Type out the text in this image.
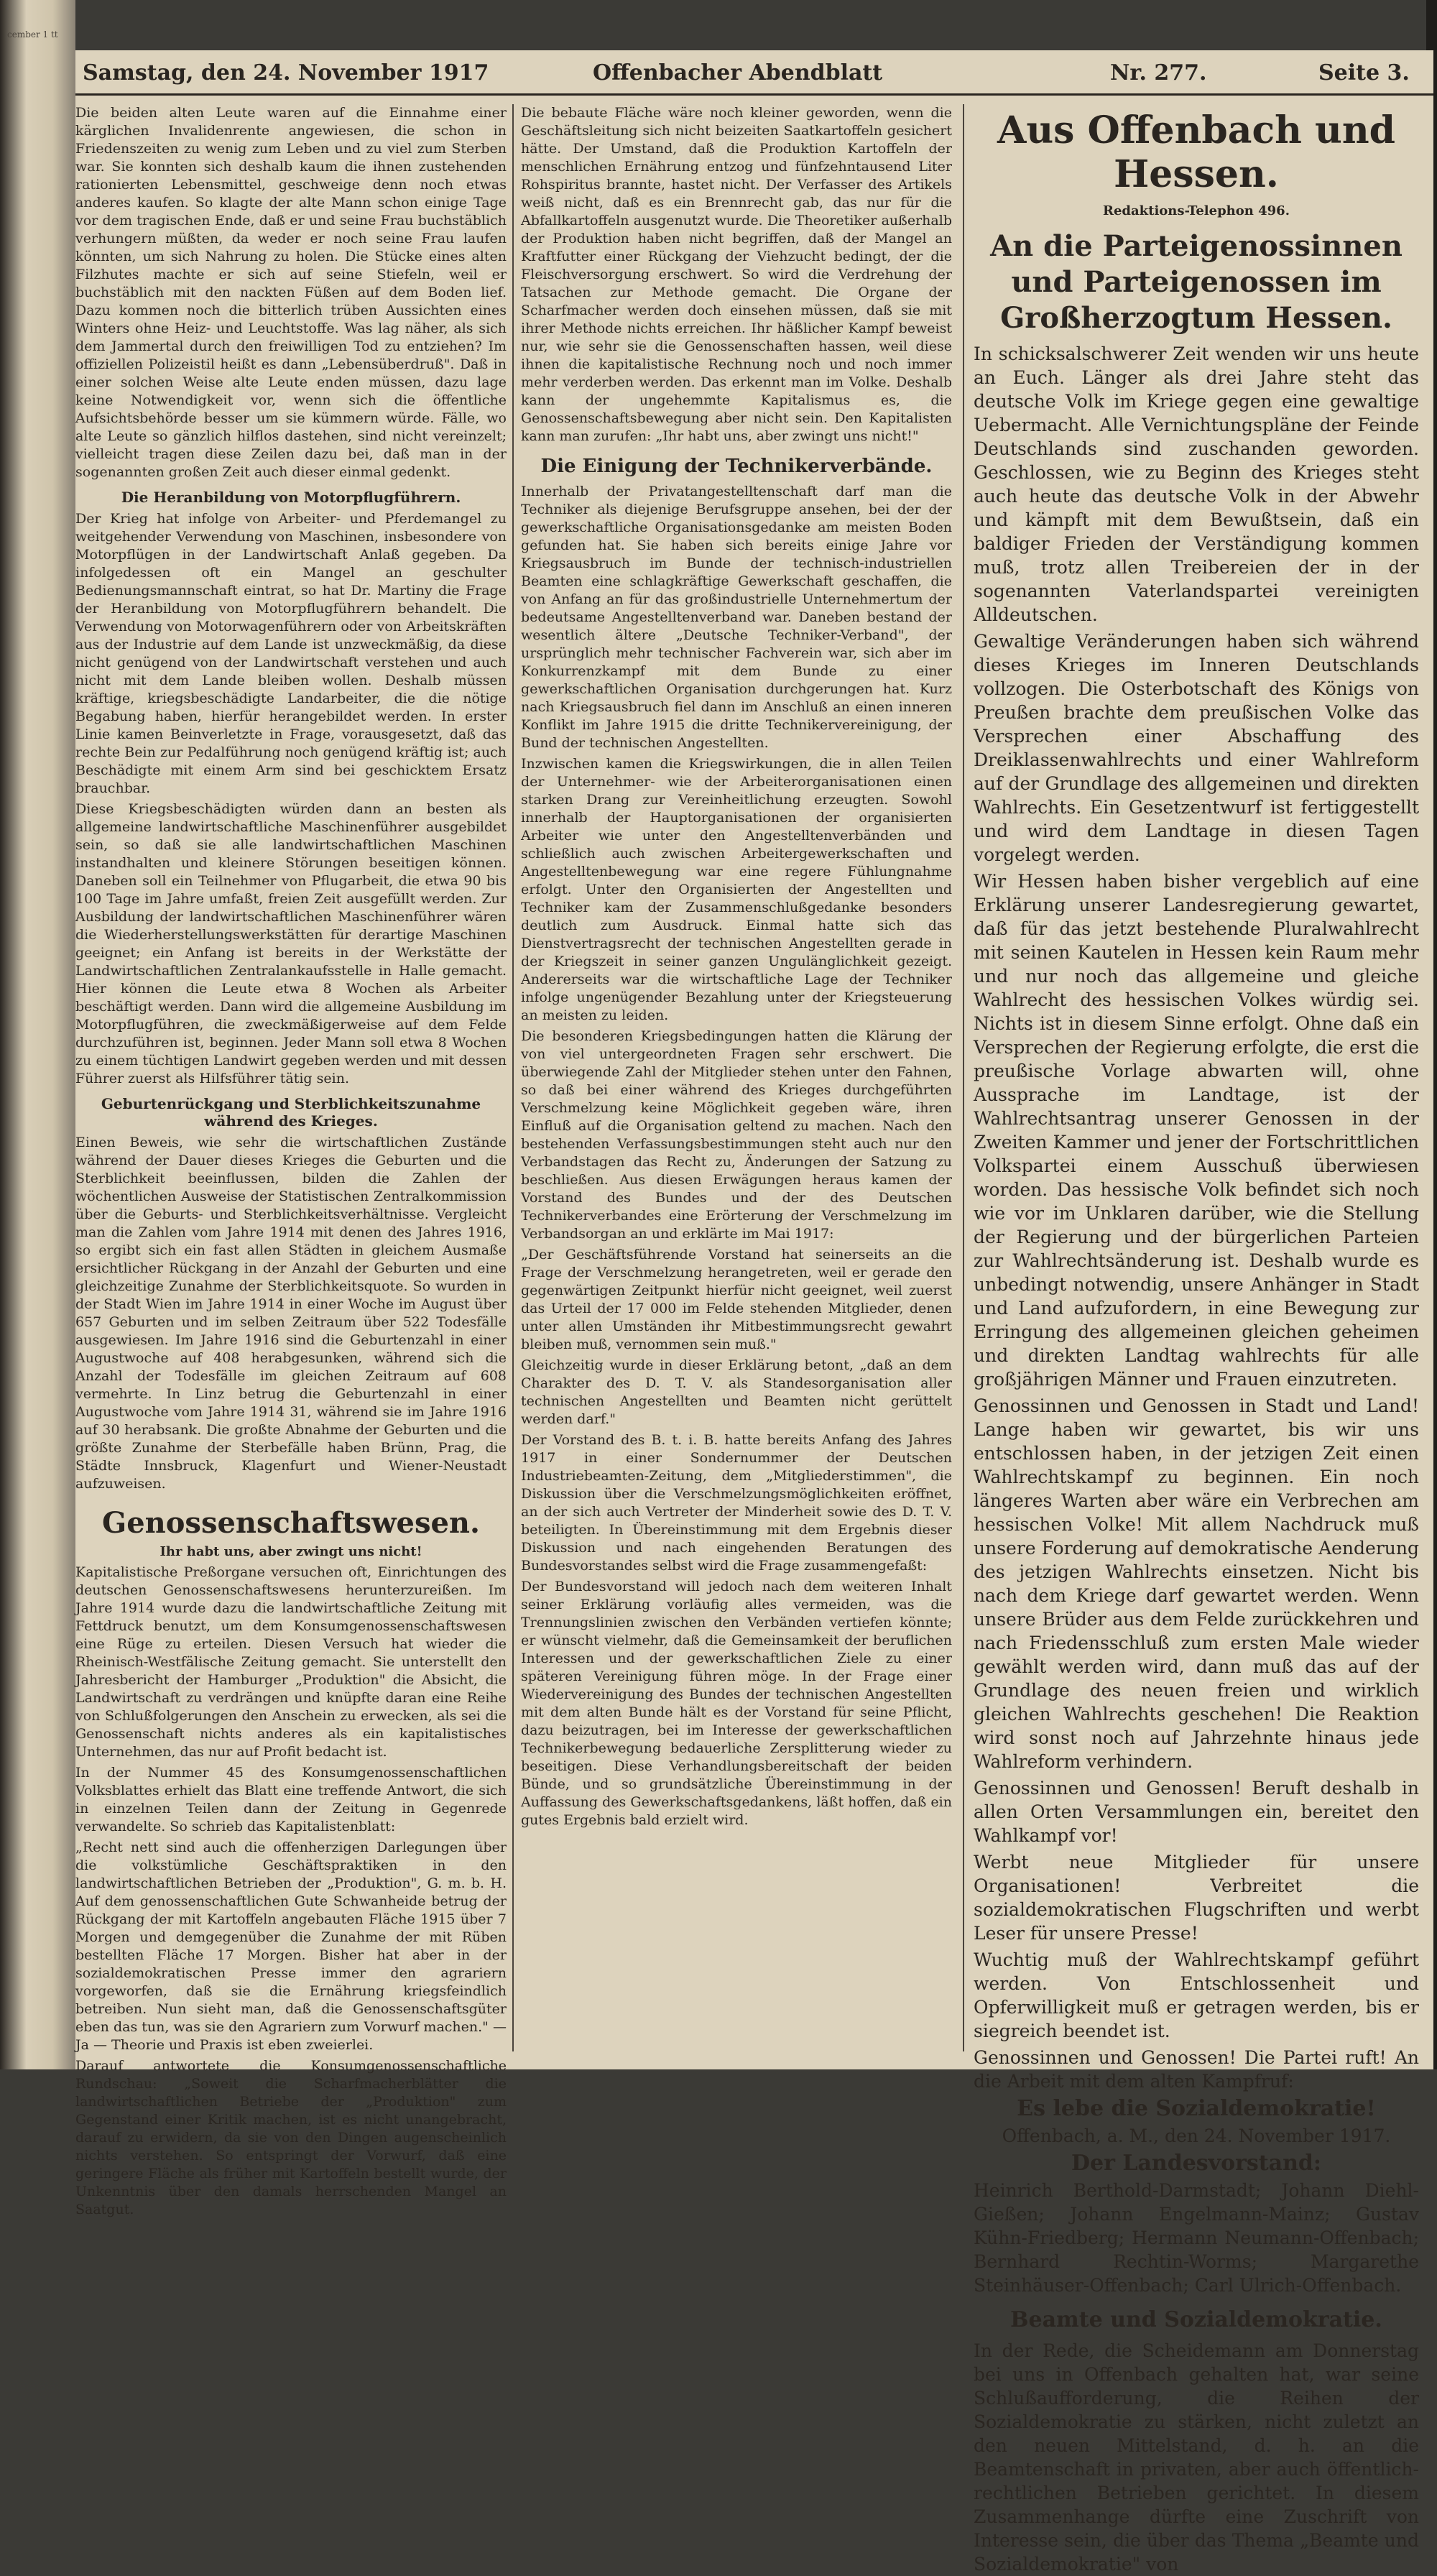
cember 1 tt
Samstag, den 24. November 1917	Offenbacher Abendblatt	Nr. 277.	Seite 3.

Die beiden alten Leute waren auf die Einnahme einer kärglichen Invalidenrente angewiesen, die schon in Friedenszeiten zu wenig zum Leben und zu viel zum Sterben war. Sie konnten sich deshalb kaum die ihnen zustehenden rationierten Lebensmittel, geschweige denn noch etwas anderes kaufen. So klagte der alte Mann schon einige Tage vor dem tragischen Ende, daß er und seine Frau buchstäblich verhungern müßten, da weder er noch seine Frau laufen könnten, um sich Nahrung zu holen. Die Stücke eines alten Filzhutes machte er sich auf seine Stiefeln, weil er buchstäblich mit den nackten Füßen auf dem Boden lief. Dazu kommen noch die bitterlich trüben Aussichten eines Winters ohne Heiz- und Leuchtstoffe. Was lag näher, als sich dem Jammertal durch den freiwilligen Tod zu entziehen? Im offiziellen Polizeistil heißt es dann „Lebensüberdruß". Daß in einer solchen Weise alte Leute enden müssen, dazu lage keine Notwendigkeit vor, wenn sich die öffentliche Aufsichtsbehörde besser um sie kümmern würde. Fälle, wo alte Leute so gänzlich hilflos dastehen, sind nicht vereinzelt; vielleicht tragen diese Zeilen dazu bei, daß man in der sogenannten großen Zeit auch dieser einmal gedenkt.

Die Heranbildung von Motorpflugführern.

Der Krieg hat infolge von Arbeiter- und Pferdemangel zu weitgehender Verwendung von Maschinen, insbesondere von Motorpflügen in der Landwirtschaft Anlaß gegeben. Da infolgedessen oft ein Mangel an geschulter Bedienungsmannschaft eintrat, so hat Dr. Martiny die Frage der Heranbildung von Motorpflugführern behandelt. Die Verwendung von Motorwagenführern oder von Arbeitskräften aus der Industrie auf dem Lande ist unzweckmäßig, da diese nicht genügend von der Landwirtschaft verstehen und auch nicht mit dem Lande bleiben wollen. Deshalb müssen kräftige, kriegsbeschädigte Landarbeiter, die die nötige Begabung haben, hierfür herangebildet werden. In erster Linie kamen Beinverletzte in Frage, vorausgesetzt, daß das rechte Bein zur Pedalführung noch genügend kräftig ist; auch Beschädigte mit einem Arm sind bei geschicktem Ersatz brauchbar.

Diese Kriegsbeschädigten würden dann an besten als allgemeine landwirtschaftliche Maschinenführer ausgebildet sein, so daß sie alle landwirtschaftlichen Maschinen instandhalten und kleinere Störungen beseitigen können. Daneben soll ein Teilnehmer von Pflugarbeit, die etwa 90 bis 100 Tage im Jahre umfaßt, freien Zeit ausgefüllt werden. Zur Ausbildung der landwirtschaftlichen Maschinenführer wären die Wiederherstellungswerkstätten für derartige Maschinen geeignet; ein Anfang ist bereits in der Werkstätte der Landwirtschaftlichen Zentralankaufsstelle in Halle gemacht. Hier können die Leute etwa 8 Wochen als Arbeiter beschäftigt werden. Dann wird die allgemeine Ausbildung im Motorpflugführen, die zweckmäßigerweise auf dem Felde durchzuführen ist, beginnen. Jeder Mann soll etwa 8 Wochen zu einem tüchtigen Landwirt gegeben werden und mit dessen Führer zuerst als Hilfsführer tätig sein.

Geburtenrückgang und Sterblichkeitszunahme während des Krieges.

Einen Beweis, wie sehr die wirtschaftlichen Zustände während der Dauer dieses Krieges die Geburten und die Sterblichkeit beeinflussen, bilden die Zahlen der wöchentlichen Ausweise der Statistischen Zentralkommission über die Geburts- und Sterblichkeitsverhältnisse. Vergleicht man die Zahlen vom Jahre 1914 mit denen des Jahres 1916, so ergibt sich ein fast allen Städten in gleichem Ausmaße ersichtlicher Rückgang in der Anzahl der Geburten und eine gleichzeitige Zunahme der Sterblichkeitsquote. So wurden in der Stadt Wien im Jahre 1914 in einer Woche im August über 657 Geburten und im selben Zeitraum über 522 Todesfälle ausgewiesen. Im Jahre 1916 sind die Geburtenzahl in einer Augustwoche auf 408 herabgesunken, während sich die Anzahl der Todesfälle im gleichen Zeitraum auf 608 vermehrte. In Linz betrug die Geburtenzahl in einer Augustwoche vom Jahre 1914 31, während sie im Jahre 1916 auf 30 herabsank. Die großte Abnahme der Geburten und die größte Zunahme der Sterbefälle haben Brünn, Prag, die Städte Innsbruck, Klagenfurt und Wiener-Neustadt aufzuweisen.

Genossenschaftswesen.
Ihr habt uns, aber zwingt uns nicht!

Kapitalistische Preßorgane versuchen oft, Einrichtungen des deutschen Genossenschaftswesens herunterzureißen. Im Jahre 1914 wurde dazu die landwirtschaftliche Zeitung mit Fettdruck benutzt, um dem Konsumgenossenschaftswesen eine Rüge zu erteilen. Diesen Versuch hat wieder die Rheinisch-Westfälische Zeitung gemacht. Sie unterstellt den Jahresbericht der Hamburger „Produktion" die Absicht, die Landwirtschaft zu verdrängen und knüpfte daran eine Reihe von Schlußfolgerungen den Anschein zu erwecken, als sei die Genossenschaft nichts anderes als ein kapitalistisches Unternehmen, das nur auf Profit bedacht ist.

In der Nummer 45 des Konsumgenossenschaftlichen Volksblattes erhielt das Blatt eine treffende Antwort, die sich in einzelnen Teilen dann der Zeitung in Gegenrede verwandelte. So schrieb das Kapitalistenblatt:

„Recht nett sind auch die offenherzigen Darlegungen über die volkstümliche Geschäftspraktiken in den landwirtschaftlichen Betrieben der „Produktion", G. m. b. H. Auf dem genossenschaftlichen Gute Schwanheide betrug der Rückgang der mit Kartoffeln angebauten Fläche 1915 über 7 Morgen und demgegenüber die Zunahme der mit Rüben bestellten Fläche 17 Morgen. Bisher hat aber in der sozialdemokratischen Presse immer den agrariern vorgeworfen, daß sie die Ernährung kriegsfeindlich betreiben. Nun sieht man, daß die Genossenschaftsgüter eben das tun, was sie den Agrariern zum Vorwurf machen." — Ja — Theorie und Praxis ist eben zweierlei.

Darauf antwortete die Konsumgenossenschaftliche Rundschau: „Soweit die Scharfmacherblätter die landwirtschaftlichen Betriebe der „Produktion" zum Gegenstand einer Kritik machen, ist es nicht unangebracht, darauf zu erwidern, da sie von den Dingen augenscheinlich nichts verstehen. So entspringt der Vorwurf, daß eine geringere Fläche als früher mit Kartoffeln bestellt wurde, der Unkenntnis über den damals herrschenden Mangel an Saatgut.

Die bebaute Fläche wäre noch kleiner geworden, wenn die Geschäftsleitung sich nicht beizeiten Saatkartoffeln gesichert hätte. Der Umstand, daß die Produktion Kartoffeln der menschlichen Ernährung entzog und fünfzehntausend Liter Rohspiritus brannte, hastet nicht. Der Verfasser des Artikels weiß nicht, daß es ein Brennrecht gab, das nur für die Abfallkartoffeln ausgenutzt wurde. Die Theoretiker außerhalb der Produktion haben nicht begriffen, daß der Mangel an Kraftfutter einer Rückgang der Viehzucht bedingt, der die Fleischversorgung erschwert. So wird die Verdrehung der Tatsachen zur Methode gemacht. Die Organe der Scharfmacher werden doch einsehen müssen, daß sie mit ihrer Methode nichts erreichen. Ihr häßlicher Kampf beweist nur, wie sehr sie die Genossenschaften hassen, weil diese ihnen die kapitalistische Rechnung noch und noch immer mehr verderben werden. Das erkennt man im Volke. Deshalb kann der ungehemmte Kapitalismus es, die Genossenschaftsbewegung aber nicht sein. Den Kapitalisten kann man zurufen: „Ihr habt uns, aber zwingt uns nicht!"

Die Einigung der Technikerverbände.

Innerhalb der Privatangestelltenschaft darf man die Techniker als diejenige Berufsgruppe ansehen, bei der der gewerkschaftliche Organisationsgedanke am meisten Boden gefunden hat. Sie haben sich bereits einige Jahre vor Kriegsausbruch im Bunde der technisch-industriellen Beamten eine schlagkräftige Gewerkschaft geschaffen, die von Anfang an für das großindustrielle Unternehmertum der bedeutsame Angestelltenverband war. Daneben bestand der wesentlich ältere „Deutsche Techniker-Verband", der ursprünglich mehr technischer Fachverein war, sich aber im Konkurrenzkampf mit dem Bunde zu einer gewerkschaftlichen Organisation durchgerungen hat. Kurz nach Kriegsausbruch fiel dann im Anschluß an einen inneren Konflikt im Jahre 1915 die dritte Technikervereinigung, der Bund der technischen Angestellten.

Inzwischen kamen die Kriegswirkungen, die in allen Teilen der Unternehmer- wie der Arbeiterorganisationen einen starken Drang zur Vereinheitlichung erzeugten. Sowohl innerhalb der Hauptorganisationen der organisierten Arbeiter wie unter den Angestelltenverbänden und schließlich auch zwischen Arbeitergewerkschaften und Angestelltenbewegung war eine regere Fühlungnahme erfolgt. Unter den Organisierten der Angestellten und Techniker kam der Zusammenschlußgedanke besonders deutlich zum Ausdruck. Einmal hatte sich das Dienstvertragsrecht der technischen Angestellten gerade in der Kriegszeit in seiner ganzen Ungulänglichkeit gezeigt. Andererseits war die wirtschaftliche Lage der Techniker infolge ungenügender Bezahlung unter der Kriegsteuerung an meisten zu leiden.

Die besonderen Kriegsbedingungen hatten die Klärung der von viel untergeordneten Fragen sehr erschwert. Die überwiegende Zahl der Mitglieder stehen unter den Fahnen, so daß bei einer während des Krieges durchgeführten Verschmelzung keine Möglichkeit gegeben wäre, ihren Einfluß auf die Organisation geltend zu machen. Nach den bestehenden Verfassungsbestimmungen steht auch nur den Verbandstagen das Recht zu, Änderungen der Satzung zu beschließen. Aus diesen Erwägungen heraus kamen der Vorstand des Bundes und der des Deutschen Technikerverbandes eine Erörterung der Verschmelzung im Verbandsorgan an und erklärte im Mai 1917:

„Der Geschäftsführende Vorstand hat seinerseits an die Frage der Verschmelzung herangetreten, weil er gerade den gegenwärtigen Zeitpunkt hierfür nicht geeignet, weil zuerst das Urteil der 17 000 im Felde stehenden Mitglieder, denen unter allen Umständen ihr Mitbestimmungsrecht gewahrt bleiben muß, vernommen sein muß."

Gleichzeitig wurde in dieser Erklärung betont, „daß an dem Charakter des D. T. V. als Standesorganisation aller technischen Angestellten und Beamten nicht gerüttelt werden darf."

Der Vorstand des B. t. i. B. hatte bereits Anfang des Jahres 1917 in einer Sondernummer der Deutschen Industriebeamten-Zeitung, dem „Mitgliederstimmen", die Diskussion über die Verschmelzungsmöglichkeiten eröffnet, an der sich auch Vertreter der Minderheit sowie des D. T. V. beteiligten. In Übereinstimmung mit dem Ergebnis dieser Diskussion und nach eingehenden Beratungen des Bundesvorstandes selbst wird die Frage zusammengefaßt:

Der Bundesvorstand will jedoch nach dem weiteren Inhalt seiner Erklärung vorläufig alles vermeiden, was die Trennungslinien zwischen den Verbänden vertiefen könnte; er wünscht vielmehr, daß die Gemeinsamkeit der beruflichen Interessen und der gewerkschaftlichen Ziele zu einer späteren Vereinigung führen möge. In der Frage einer Wiedervereinigung des Bundes der technischen Angestellten mit dem alten Bunde hält es der Vorstand für seine Pflicht, dazu beizutragen, bei im Interesse der gewerkschaftlichen Technikerbewegung bedauerliche Zersplitterung wieder zu beseitigen. Diese Verhandlungsbereitschaft der beiden Bünde, und so grundsätzliche Übereinstimmung in der Auffassung des Gewerkschaftsgedankens, läßt hoffen, daß ein gutes Ergebnis bald erzielt wird.

Aus Offenbach und Hessen.
Redaktions-Telephon 496.
An die Parteigenossinnen und Parteigenossen im Großherzogtum Hessen.

In schicksalschwerer Zeit wenden wir uns heute an Euch. Länger als drei Jahre steht das deutsche Volk im Kriege gegen eine gewaltige Uebermacht. Alle Vernichtungspläne der Feinde Deutschlands sind zuschanden geworden. Geschlossen, wie zu Beginn des Krieges steht auch heute das deutsche Volk in der Abwehr und kämpft mit dem Bewußtsein, daß ein baldiger Frieden der Verständigung kommen muß, trotz allen Treibereien der in der sogenannten Vaterlandspartei vereinigten Alldeutschen.

Gewaltige Veränderungen haben sich während dieses Krieges im Inneren Deutschlands vollzogen. Die Osterbotschaft des Königs von Preußen brachte dem preußischen Volke das Versprechen einer Abschaffung des Dreiklassenwahlrechts und einer Wahlreform auf der Grundlage des allgemeinen und direkten Wahlrechts. Ein Gesetzentwurf ist fertiggestellt und wird dem Landtage in diesen Tagen vorgelegt werden.

Wir Hessen haben bisher vergeblich auf eine Erklärung unserer Landesregierung gewartet, daß für das jetzt bestehende Pluralwahlrecht mit seinen Kautelen in Hessen kein Raum mehr und nur noch das allgemeine und gleiche Wahlrecht des hessischen Volkes würdig sei. Nichts ist in diesem Sinne erfolgt. Ohne daß ein Versprechen der Regierung erfolgte, die erst die preußische Vorlage abwarten will, ohne Aussprache im Landtage, ist der Wahlrechtsantrag unserer Genossen in der Zweiten Kammer und jener der Fortschrittlichen Volkspartei einem Ausschuß überwiesen worden. Das hessische Volk befindet sich noch wie vor im Unklaren darüber, wie die Stellung der Regierung und der bürgerlichen Parteien zur Wahlrechtsänderung ist. Deshalb wurde es unbedingt notwendig, unsere Anhänger in Stadt und Land aufzufordern, in eine Bewegung zur Erringung des allgemeinen gleichen geheimen und direkten Landtag wahlrechts für alle großjährigen Männer und Frauen einzutreten.

Genossinnen und Genossen in Stadt und Land! Lange haben wir gewartet, bis wir uns entschlossen haben, in der jetzigen Zeit einen Wahlrechtskampf zu beginnen. Ein noch längeres Warten aber wäre ein Verbrechen am hessischen Volke! Mit allem Nachdruck muß unsere Forderung auf demokratische Aenderung des jetzigen Wahlrechts einsetzen. Nicht bis nach dem Kriege darf gewartet werden. Wenn unsere Brüder aus dem Felde zurückkehren und nach Friedensschluß zum ersten Male wieder gewählt werden wird, dann muß das auf der Grundlage des neuen freien und wirklich gleichen Wahlrechts geschehen! Die Reaktion wird sonst noch auf Jahrzehnte hinaus jede Wahlreform verhindern.

Genossinnen und Genossen! Beruft deshalb in allen Orten Versammlungen ein, bereitet den Wahlkampf vor!

Werbt neue Mitglieder für unsere Organisationen! Verbreitet die sozialdemokratischen Flugschriften und werbt Leser für unsere Presse!

Wuchtig muß der Wahlrechtskampf geführt werden. Von Entschlossenheit und Opferwilligkeit muß er getragen werden, bis er siegreich beendet ist.

Genossinnen und Genossen! Die Partei ruft! An die Arbeit mit dem alten Kampfruf:

Es lebe die Sozialdemokratie!

Offenbach, a. M., den 24. November 1917.

Der Landesvorstand:

Heinrich Berthold-Darmstadt; Johann Diehl-Gießen; Johann Engelmann-Mainz; Gustav Kühn-Friedberg; Hermann Neumann-Offenbach; Bernhard Rechtin-Worms; Margarethe Steinhäuser-Offenbach; Carl Ulrich-Offenbach.

Beamte und Sozialdemokratie.

In der Rede, die Scheidemann am Donnerstag bei uns in Offenbach gehalten hat, war seine Schlußaufforderung, die Reihen der Sozialdemokratie zu stärken, nicht zuletzt an den neuen Mittelstand, d. h. an die Beamtenschaft in privaten, aber auch öffentlich-rechtlichen Betrieben gerichtet. In diesem Zusammenhange dürfte eine Zuschrift von Interesse sein, die über das Thema „Beamte und Sozialdemokratie" von
